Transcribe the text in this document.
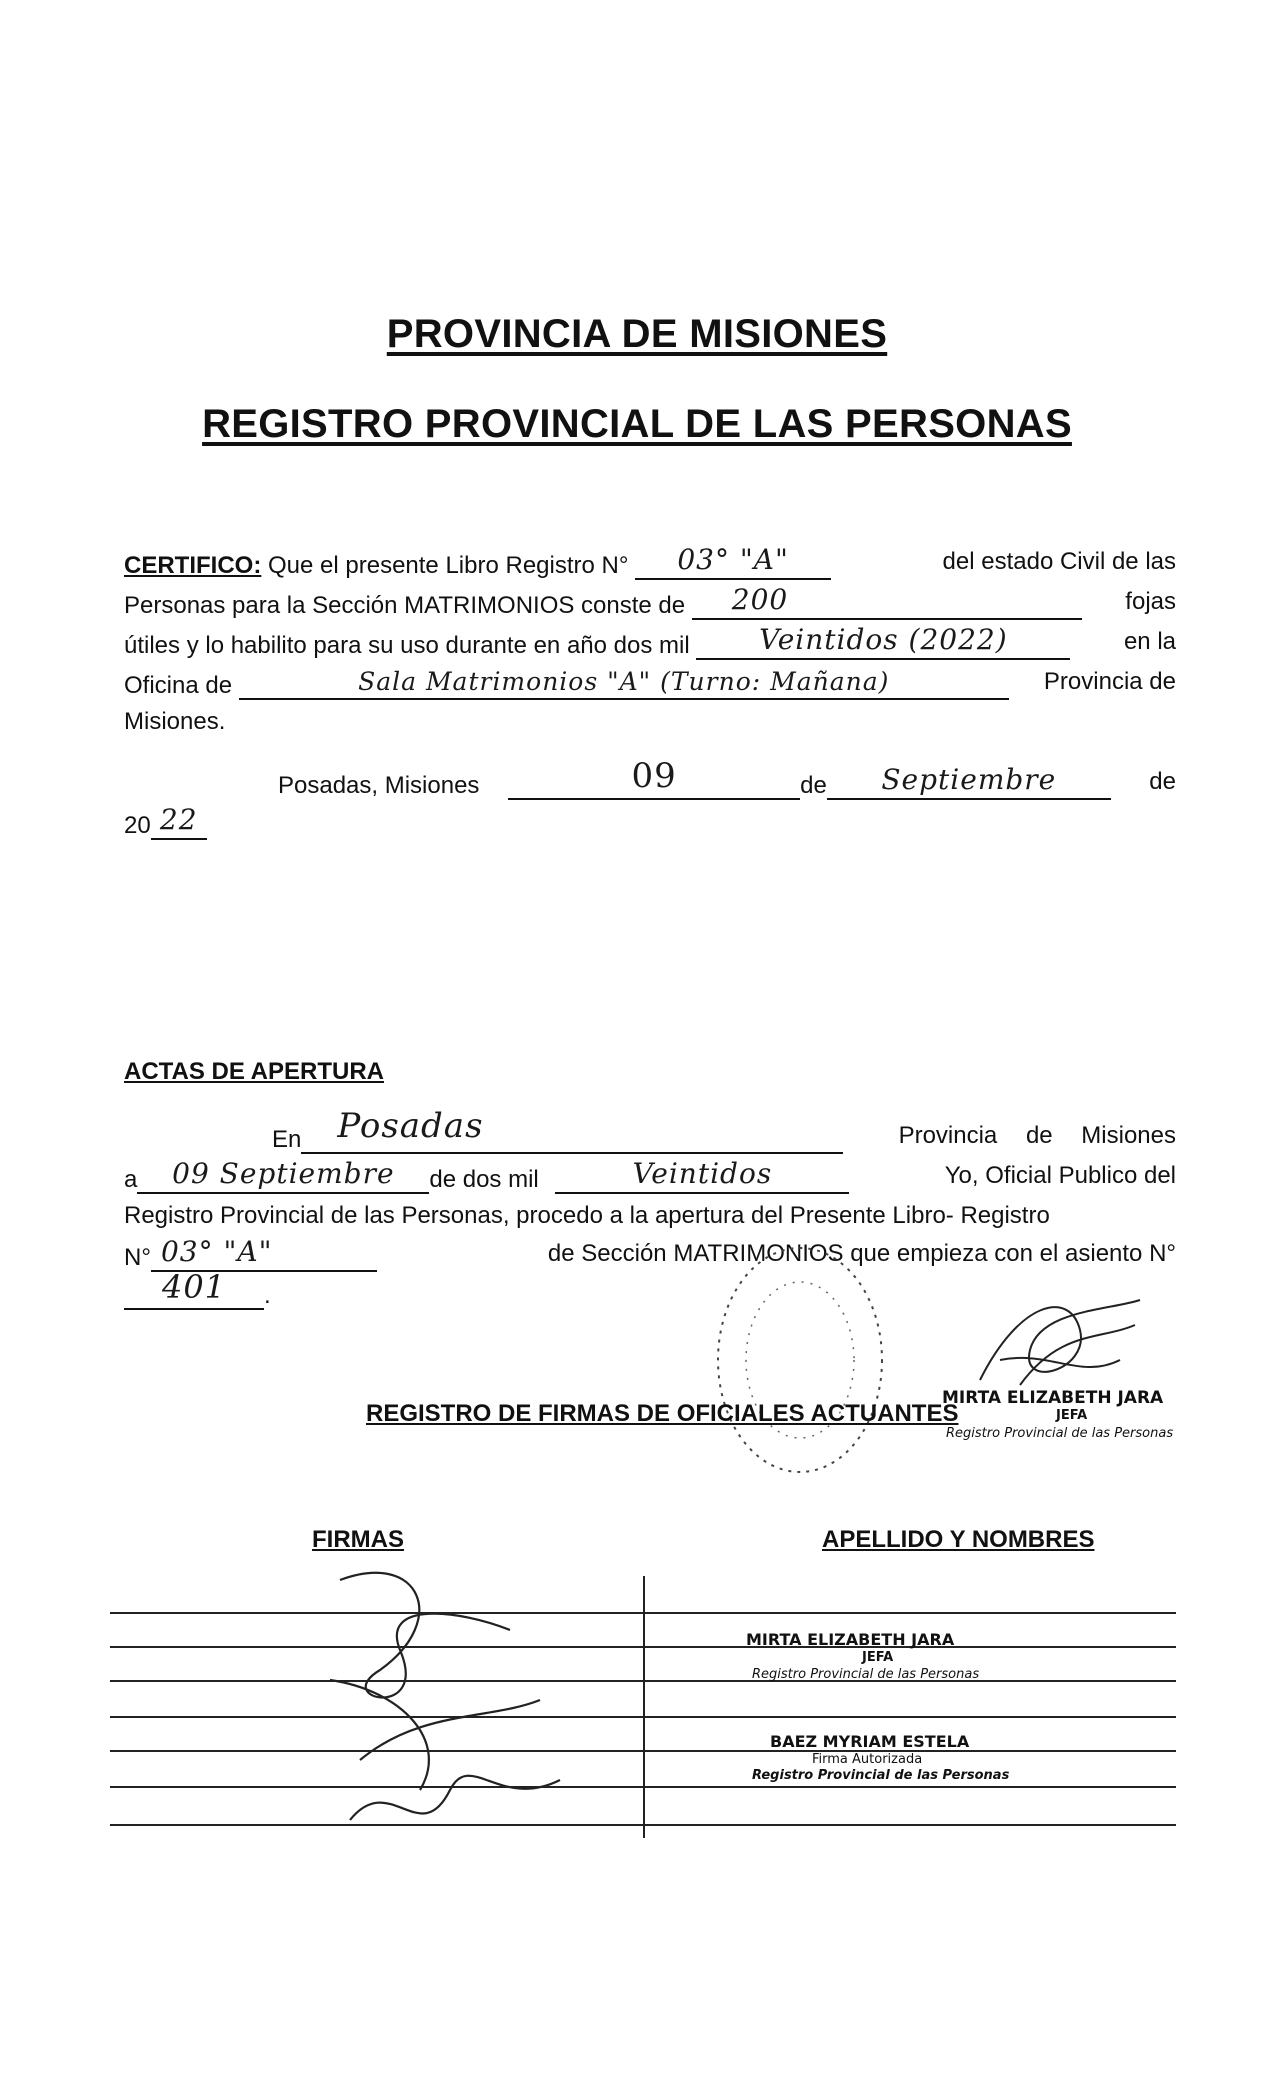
PROVINCIA DE MISIONES
REGISTRO PROVINCIAL DE LAS PERSONAS
CERTIFICO: Que el presente Libro Registro N°	03° "A"	del estado Civil de las
Personas para la Sección MATRIMONIOS conste de	200	fojas
útiles y lo habilito para su uso durante en año dos mil	Veintidos (2022)	en la
Oficina de	Sala Matrimonios "A" (Turno: Mañana)	Provincia de
Misiones.
Posadas, Misiones	09	de	Septiembre	de
20 22
ACTAS DE APERTURA
En	Posadas	Provincia de Misiones
a	09 Septiembre	de dos mil	Veintidos	Yo, Oficial Publico del
Registro Provincial de las Personas, procedo a la apertura del Presente Libro- Registro
N° 03° "A"	de Sección MATRIMONIOS que empieza con el asiento N°
401	.
MIRTA ELIZABETH JARA
JEFA
Registro Provincial de las Personas
REGISTRO DE FIRMAS DE OFICIALES ACTUANTES
FIRMAS	APELLIDO Y NOMBRES
MIRTA ELIZABETH JARA
JEFA
Registro Provincial de las Personas
BAEZ MYRIAM ESTELA
Firma Autorizada
Registro Provincial de las Personas
